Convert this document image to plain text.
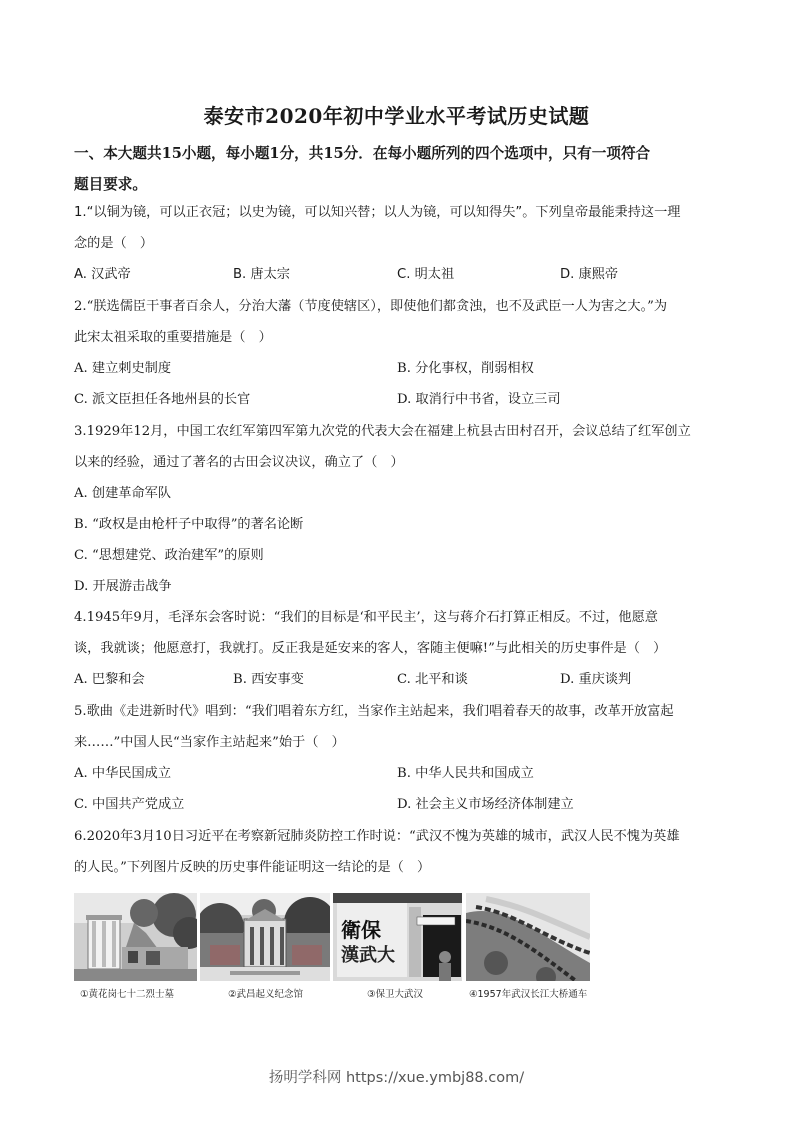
泰安市2020年初中学业水平考试历史试题
一、本大题共15小题，每小题1分，共15分．在每小题所列的四个选项中，只有一项符合
题目要求。
1.“以铜为镜，可以正衣冠；以史为镜，可以知兴替；以人为镜，可以知得失”。下列皇帝最能秉持这一理
念的是（　）
A. 汉武帝	B. 唐太宗	C. 明太祖	D. 康熙帝
2.“朕选儒臣干事者百余人，分治大藩（节度使辖区），即使他们都贪浊，也不及武臣一人为害之大。”为
此宋太祖采取的重要措施是（　）
A. 建立刺史制度	B. 分化事权，削弱相权
C. 派文臣担任各地州县的长官	D. 取消行中书省，设立三司
3.1929年12月，中国工农红军第四军第九次党的代表大会在福建上杭县古田村召开，会议总结了红军创立
以来的经验，通过了著名的古田会议决议，确立了（　）
A. 创建革命军队
B. “政权是由枪杆子中取得”的著名论断
C. “思想建党、政治建军”的原则
D. 开展游击战争
4.1945年9月，毛泽东会客时说：“我们的目标是‘和平民主’，这与蒋介石打算正相反。不过，他愿意
谈，我就谈；他愿意打，我就打。反正我是延安来的客人，客随主便嘛!”与此相关的历史事件是（　）
A. 巴黎和会	B. 西安事变	C. 北平和谈	D. 重庆谈判
5.歌曲《走进新时代》唱到：“我们唱着东方红，当家作主站起来，我们唱着春天的故事，改革开放富起
来……”中国人民“当家作主站起来”始于（　）
A. 中华民国成立	B. 中华人民共和国成立
C. 中国共产党成立	D. 社会主义市场经济体制建立
6.2020年3月10日习近平在考察新冠肺炎防控工作时说：“武汉不愧为英雄的城市，武汉人民不愧为英雄
的人民。”下列图片反映的历史事件能证明这一结论的是（　）
衛保
漢武大
①黄花岗七十二烈士墓	②武昌起义纪念馆	③保卫大武汉	④1957年武汉长江大桥通车
扬明学科网 https://xue.ymbj88.com/
